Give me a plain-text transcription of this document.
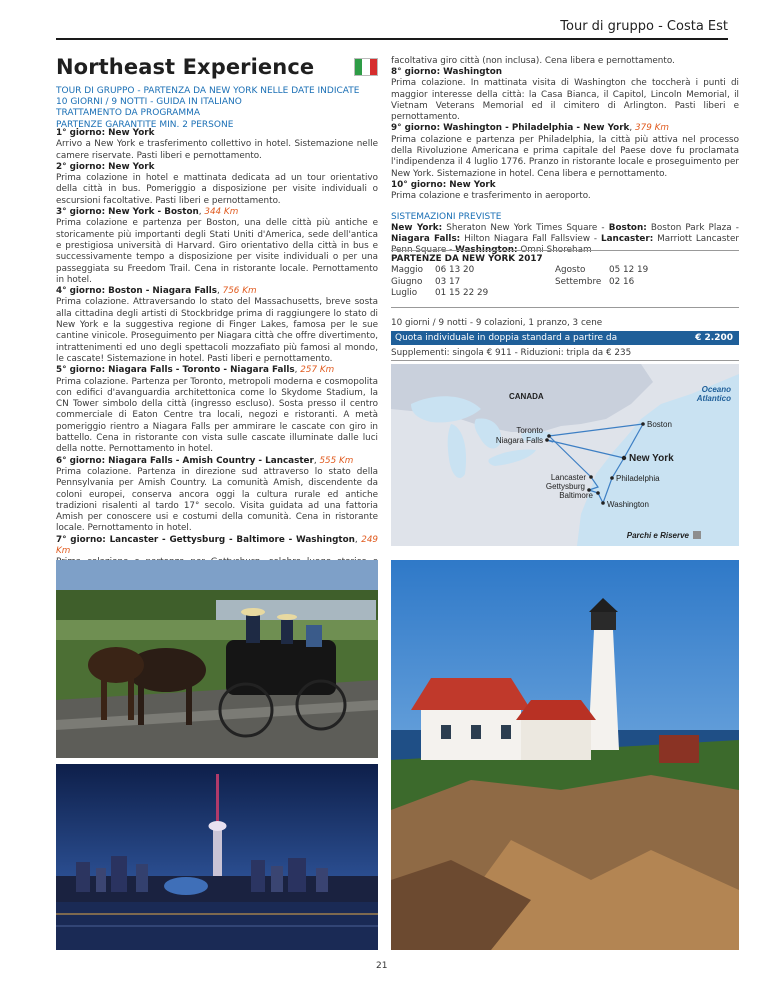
Tour di gruppo - Costa Est
Northeast Experience
TOUR DI GRUPPO - PARTENZA DA NEW YORK NELLE DATE INDICATE
10 GIORNI / 9 NOTTI - GUIDA IN ITALIANO
TRATTAMENTO DA PROGRAMMA
PARTENZE GARANTITE MIN. 2 PERSONE

1° giorno: New York

Arrivo a New York e trasferimento collettivo in hotel. Sistemazione nelle camere riservate. Pasti liberi e pernottamento.

2° giorno: New York

Prima colazione in hotel e mattinata dedicata ad un tour orientativo della città in bus. Pomeriggio a disposizione per visite individuali o escursioni facoltative. Pasti liberi e pernottamento.

3° giorno: New York - Boston, 344 Km

Prima colazione e partenza per Boston, una delle città più antiche e storicamente più importanti degli Stati Uniti d'America, sede dell'antica e prestigiosa università di Harvard. Giro orientativo della città in bus e successivamente tempo a disposizione per visite individuali o per una passeggiata su Freedom Trail. Cena in ristorante locale. Pernottamento in hotel.

4° giorno: Boston - Niagara Falls, 756 Km

Prima colazione. Attraversando lo stato del Massachusetts, breve sosta alla cittadina degli artisti di Stockbridge prima di raggiungere lo stato di New York e la suggestiva regione di Finger Lakes, famosa per le sue cantine vinicole. Proseguimento per Niagara città che offre divertimento, intrattenimenti ed uno degli spettacoli mozzafiato più famosi al mondo, le cascate! Sistemazione in hotel. Pasti liberi e pernottamento.

5° giorno: Niagara Falls - Toronto - Niagara Falls, 257 Km

Prima colazione. Partenza per Toronto, metropoli moderna e cosmopolita con edifici d'avanguardia architettonica come lo Skydome Stadium, la CN Tower simbolo della città (ingresso escluso). Sosta presso il centro commerciale di Eaton Centre tra locali, negozi e ristoranti. A metà pomeriggio rientro a Niagara Falls per ammirare le cascate con giro in battello. Cena in ristorante con vista sulle cascate illuminate dalle luci della notte. Pernottamento in hotel.

6° giorno: Niagara Falls - Amish Country - Lancaster, 555 Km

Prima colazione. Partenza in direzione sud attraverso lo stato della Pennsylvania per Amish Country. La comunità Amish, discendente da coloni europei, conserva ancora oggi la cultura rurale ed antiche tradizioni risalenti al tardo 17° secolo. Visita guidata ad una fattoria Amish per conoscere usi e costumi della comunità. Cena in ristorante locale. Pernottamento in hotel.

7° giorno: Lancaster - Gettysburg - Baltimore - Washington, 249 Km

facoltativa giro città (non inclusa). Cena libera e pernottamento.

8° giorno: Washington

Prima colazione. In mattinata visita di Washington che toccherà i punti di maggior interesse della città: la Casa Bianca, il Capitol, Lincoln Memorial, il Vietnam Veterans Memorial ed il cimitero di Arlington. Pasti liberi e pernottamento.

9° giorno: Washington - Philadelphia - New York, 379 Km

Prima colazione e partenza per Philadelphia, la città più attiva nel processo della Rivoluzione Americana e prima capitale del Paese dove fu proclamata l'indipendenza il 4 luglio 1776. Pranzo in ristorante locale e proseguimento per New York. Sistemazione in hotel. Cena libera e pernottamento.

10° giorno: New York

Prima colazione e trasferimento in aeroporto.

SISTEMAZIONI PREVISTE

New York: Sheraton New York Times Square - Boston: Boston Park Plaza - Niagara Falls: Hilton Niagara Fall Fallsview - Lancaster: Marriott Lancaster Penn Square - Washington: Omni Shoreham

PARTENZE DA NEW YORK 2017
Maggio	06 13 20	Agosto	05 12 19
Giugno	03 17	Settembre 02 16
Luglio	01 15 22 29
10 giorni / 9 notti - 9 colazioni, 1 pranzo, 3 cene
Quota individuale in doppia standard a partire da	€ 2.200
Supplementi: singola € 911 - Riduzioni: tripla da € 235
CANADA
Oceano Atlantico
Boston
Toronto
Niagara Falls
New York
Lancaster	Philadelphia
Gettysburg
Baltimore
Washington
Parchi e Riserve
21
